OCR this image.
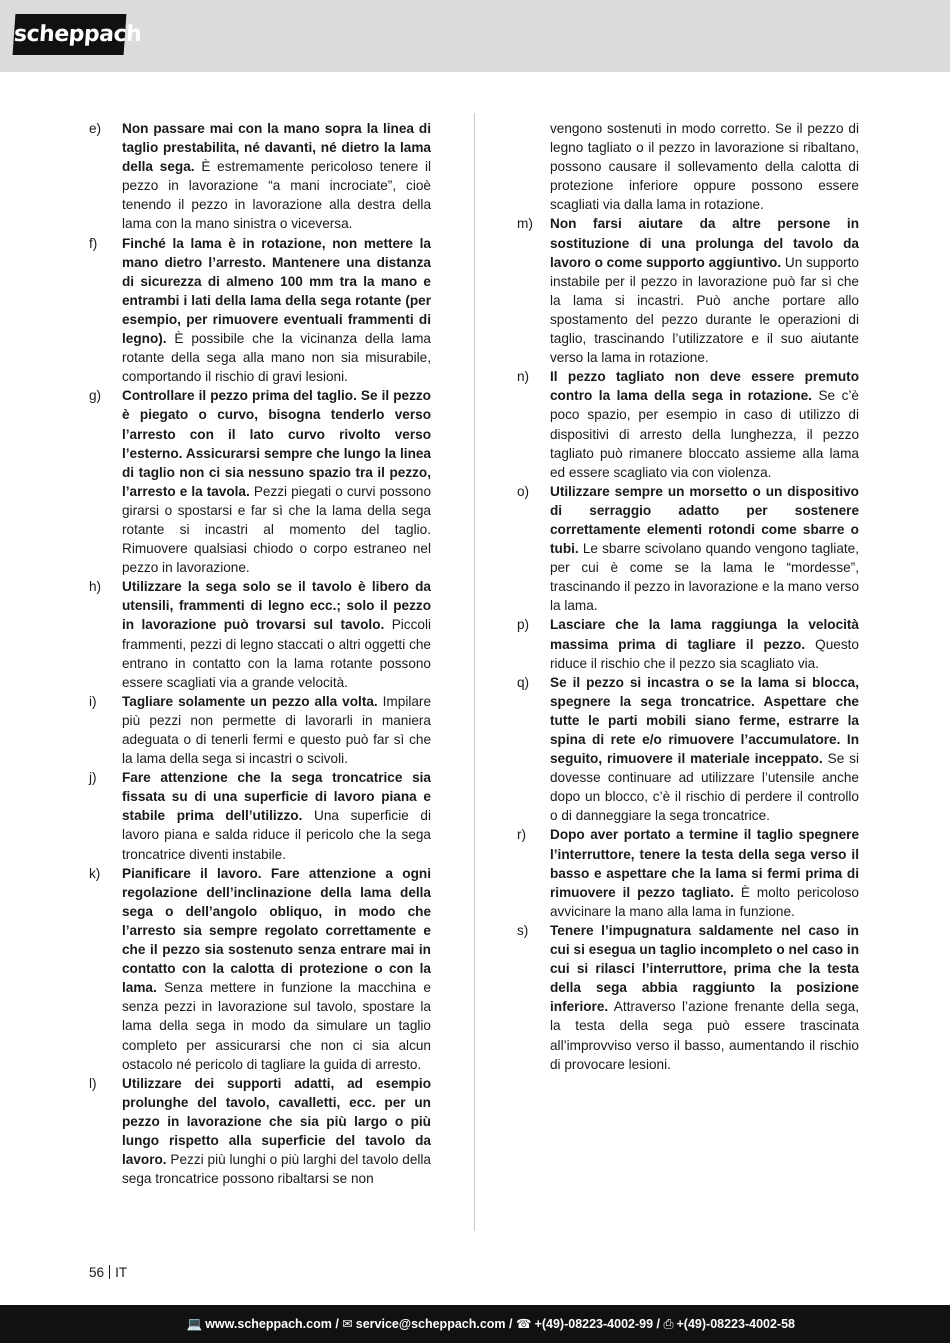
scheppach
e) Non passare mai con la mano sopra la linea di taglio prestabilita, né davanti, né dietro la lama della sega. È estremamente pericoloso tenere il pezzo in lavorazione “a mani incrociate”, cioè tenendo il pezzo in lavorazione alla destra della lama con la mano sinistra o viceversa.
f) Finché la lama è in rotazione, non mettere la mano dietro l’arresto. Mantenere una distanza di sicurezza di almeno 100 mm tra la mano e entrambi i lati della lama della sega rotante (per esempio, per rimuovere eventuali frammenti di legno). È possibile che la vicinanza della lama rotante della sega alla mano non sia misurabile, comportando il rischio di gravi lesioni.
g) Controllare il pezzo prima del taglio. Se il pezzo è piegato o curvo, bisogna tenderlo verso l’arresto con il lato curvo rivolto verso l’esterno. Assicurarsi sempre che lungo la linea di taglio non ci sia nessuno spazio tra il pezzo, l’arresto e la tavola. Pezzi piegati o curvi possono girarsi o spostarsi e far sì che la lama della sega rotante si incastri al momento del taglio. Rimuovere qualsiasi chiodo o corpo estraneo nel pezzo in lavorazione.
h) Utilizzare la sega solo se il tavolo è libero da utensili, frammenti di legno ecc.; solo il pezzo in lavorazione può trovarsi sul tavolo. Piccoli frammenti, pezzi di legno staccati o altri oggetti che entrano in contatto con la lama rotante possono essere scagliati via a grande velocità.
i) Tagliare solamente un pezzo alla volta. Impilare più pezzi non permette di lavorarli in maniera adeguata o di tenerli fermi e questo può far sì che la lama della sega si incastri o scivoli.
j) Fare attenzione che la sega troncatrice sia fissata su di una superficie di lavoro piana e stabile prima dell’utilizzo. Una superficie di lavoro piana e salda riduce il pericolo che la sega troncatrice diventi instabile.
k) Pianificare il lavoro. Fare attenzione a ogni regolazione dell’inclinazione della lama della sega o dell’angolo obliquo, in modo che l’arresto sia sempre regolato correttamente e che il pezzo sia sostenuto senza entrare mai in contatto con la calotta di protezione o con la lama. Senza mettere in funzione la macchina e senza pezzi in lavorazione sul tavolo, spostare la lama della sega in modo da simulare un taglio completo per assicurarsi che non ci sia alcun ostacolo né pericolo di tagliare la guida di arresto.
l) Utilizzare dei supporti adatti, ad esempio prolunghe del tavolo, cavalletti, ecc. per un pezzo in lavorazione che sia più largo o più lungo rispetto alla superficie del tavolo da lavoro. Pezzi più lunghi o più larghi del tavolo della sega troncatrice possono ribaltarsi se non
vengono sostenuti in modo corretto. Se il pezzo di legno tagliato o il pezzo in lavorazione si ribaltano, possono causare il sollevamento della calotta di protezione inferiore oppure possono essere scagliati via dalla lama in rotazione.
m) Non farsi aiutare da altre persone in sostituzione di una prolunga del tavolo da lavoro o come supporto aggiuntivo. Un supporto instabile per il pezzo in lavorazione può far sì che la lama si incastri. Può anche portare allo spostamento del pezzo durante le operazioni di taglio, trascinando l’utilizzatore e il suo aiutante verso la lama in rotazione.
n) Il pezzo tagliato non deve essere premuto contro la lama della sega in rotazione. Se c’è poco spazio, per esempio in caso di utilizzo di dispositivi di arresto della lunghezza, il pezzo tagliato può rimanere bloccato assieme alla lama ed essere scagliato via con violenza.
o) Utilizzare sempre un morsetto o un dispositivo di serraggio adatto per sostenere correttamente elementi rotondi come sbarre o tubi. Le sbarre scivolano quando vengono tagliate, per cui è come se la lama le “mordesse”, trascinando il pezzo in lavorazione e la mano verso la lama.
p) Lasciare che la lama raggiunga la velocità massima prima di tagliare il pezzo. Questo riduce il rischio che il pezzo sia scagliato via.
q) Se il pezzo si incastra o se la lama si blocca, spegnere la sega troncatrice. Aspettare che tutte le parti mobili siano ferme, estrarre la spina di rete e/o rimuovere l’accumulatore. In seguito, rimuovere il materiale inceppato. Se si dovesse continuare ad utilizzare l’utensile anche dopo un blocco, c’è il rischio di perdere il controllo o di danneggiare la sega troncatrice.
r) Dopo aver portato a termine il taglio spegnere l’interruttore, tenere la testa della sega verso il basso e aspettare che la lama si fermi prima di rimuovere il pezzo tagliato. È molto pericoloso avvicinare la mano alla lama in funzione.
s) Tenere l’impugnatura saldamente nel caso in cui si esegua un taglio incompleto o nel caso in cui si rilasci l’interruttore, prima che la testa della sega abbia raggiunto la posizione inferiore. Attraverso l’azione frenante della sega, la testa della sega può essere trascinata all’improvviso verso il basso, aumentando il rischio di provocare lesioni.
56 IT
💻 www.scheppach.com / ✉ service@scheppach.com / ☎ +(49)-08223-4002-99 / ⎙ +(49)-08223-4002-58
